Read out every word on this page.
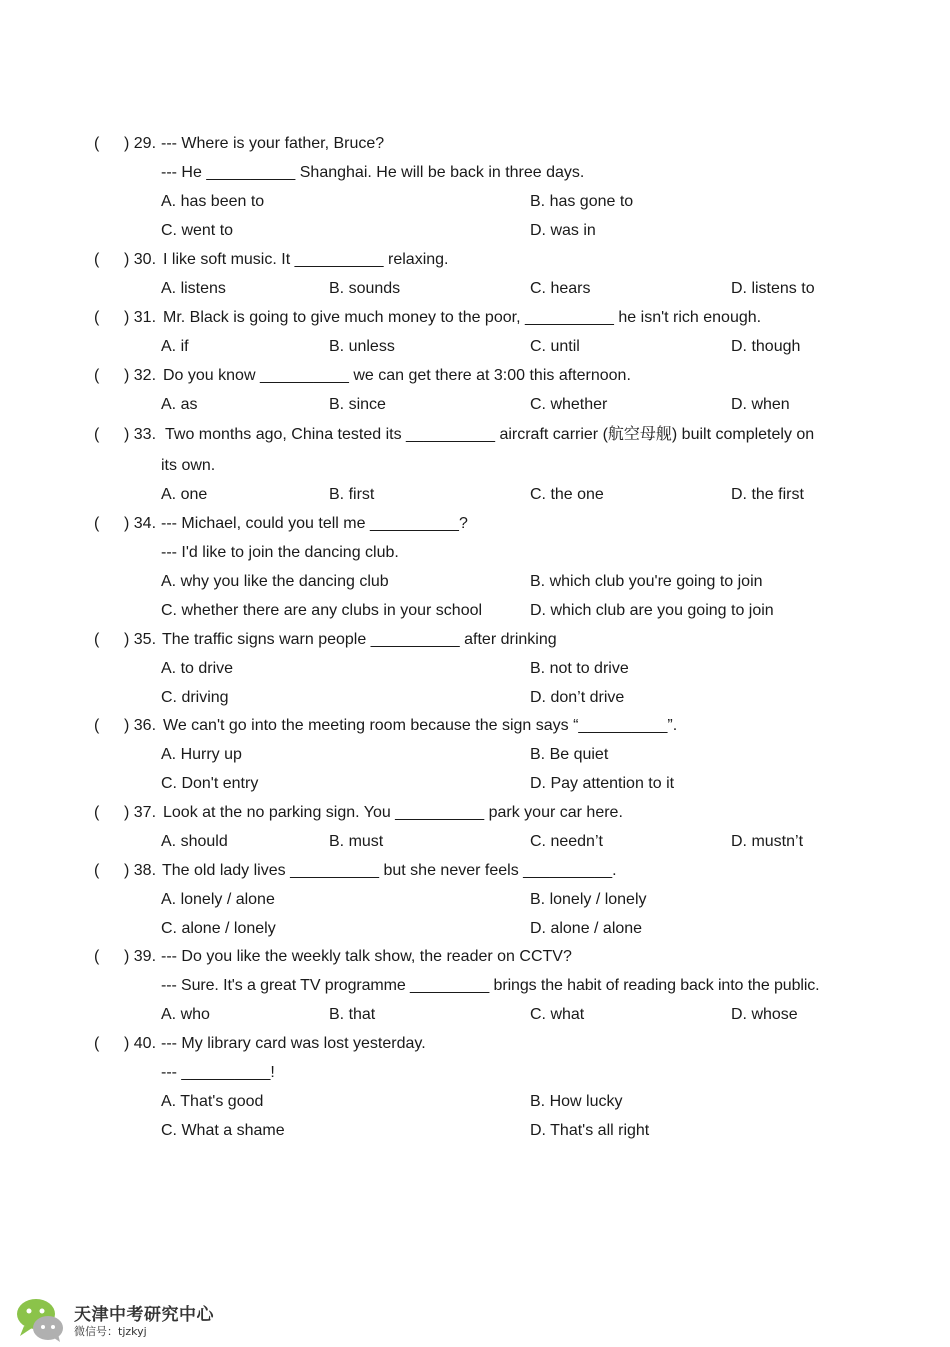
( ) 29. --- Where is your father, Bruce?
--- He __________ Shanghai. He will be back in three days.
A. has been to	B. has gone to
C. went to	D. was in
( ) 30. I like soft music. It __________ relaxing.
A. listens	B. sounds	C. hears	D. listens to
( ) 31. Mr. Black is going to give much money to the poor, __________ he isn't rich enough.
A. if	B. unless	C. until	D. though
( ) 32. Do you know __________ we can get there at 3:00 this afternoon.
A. as	B. since	C. whether	D. when
( ) 33. Two months ago, China tested its __________ aircraft carrier (航空母舰) built completely on
its own.
A. one	B. first	C. the one	D. the first
( ) 34. --- Michael, could you tell me __________?
--- I'd like to join the dancing club.
A. why you like the dancing club	B. which club you're going to join
C. whether there are any clubs in your school	D. which club are you going to join
( ) 35. The traffic signs warn people __________ after drinking
A. to drive	B. not to drive
C. driving	D. don’t drive
( ) 36. We can't go into the meeting room because the sign says “__________”.
A. Hurry up	B. Be quiet
C. Don't entry	D. Pay attention to it
( ) 37. Look at the no parking sign. You __________ park your car here.
A. should	B. must	C. needn’t	D. mustn’t
( ) 38. The old lady lives __________ but she never feels __________.
A. lonely / alone	B. lonely / lonely
C. alone / lonely	D. alone / alone
( ) 39. --- Do you like the weekly talk show, the reader on CCTV?
--- Sure. It's a great TV programme _________ brings the habit of reading back into the public.
A. who	B. that	C. what	D. whose
( ) 40. --- My library card was lost yesterday.
--- __________!
A. That's good	B. How lucky
C. What a shame	D. That's all right
天津中考研究中心
微信号：tjzkyj
